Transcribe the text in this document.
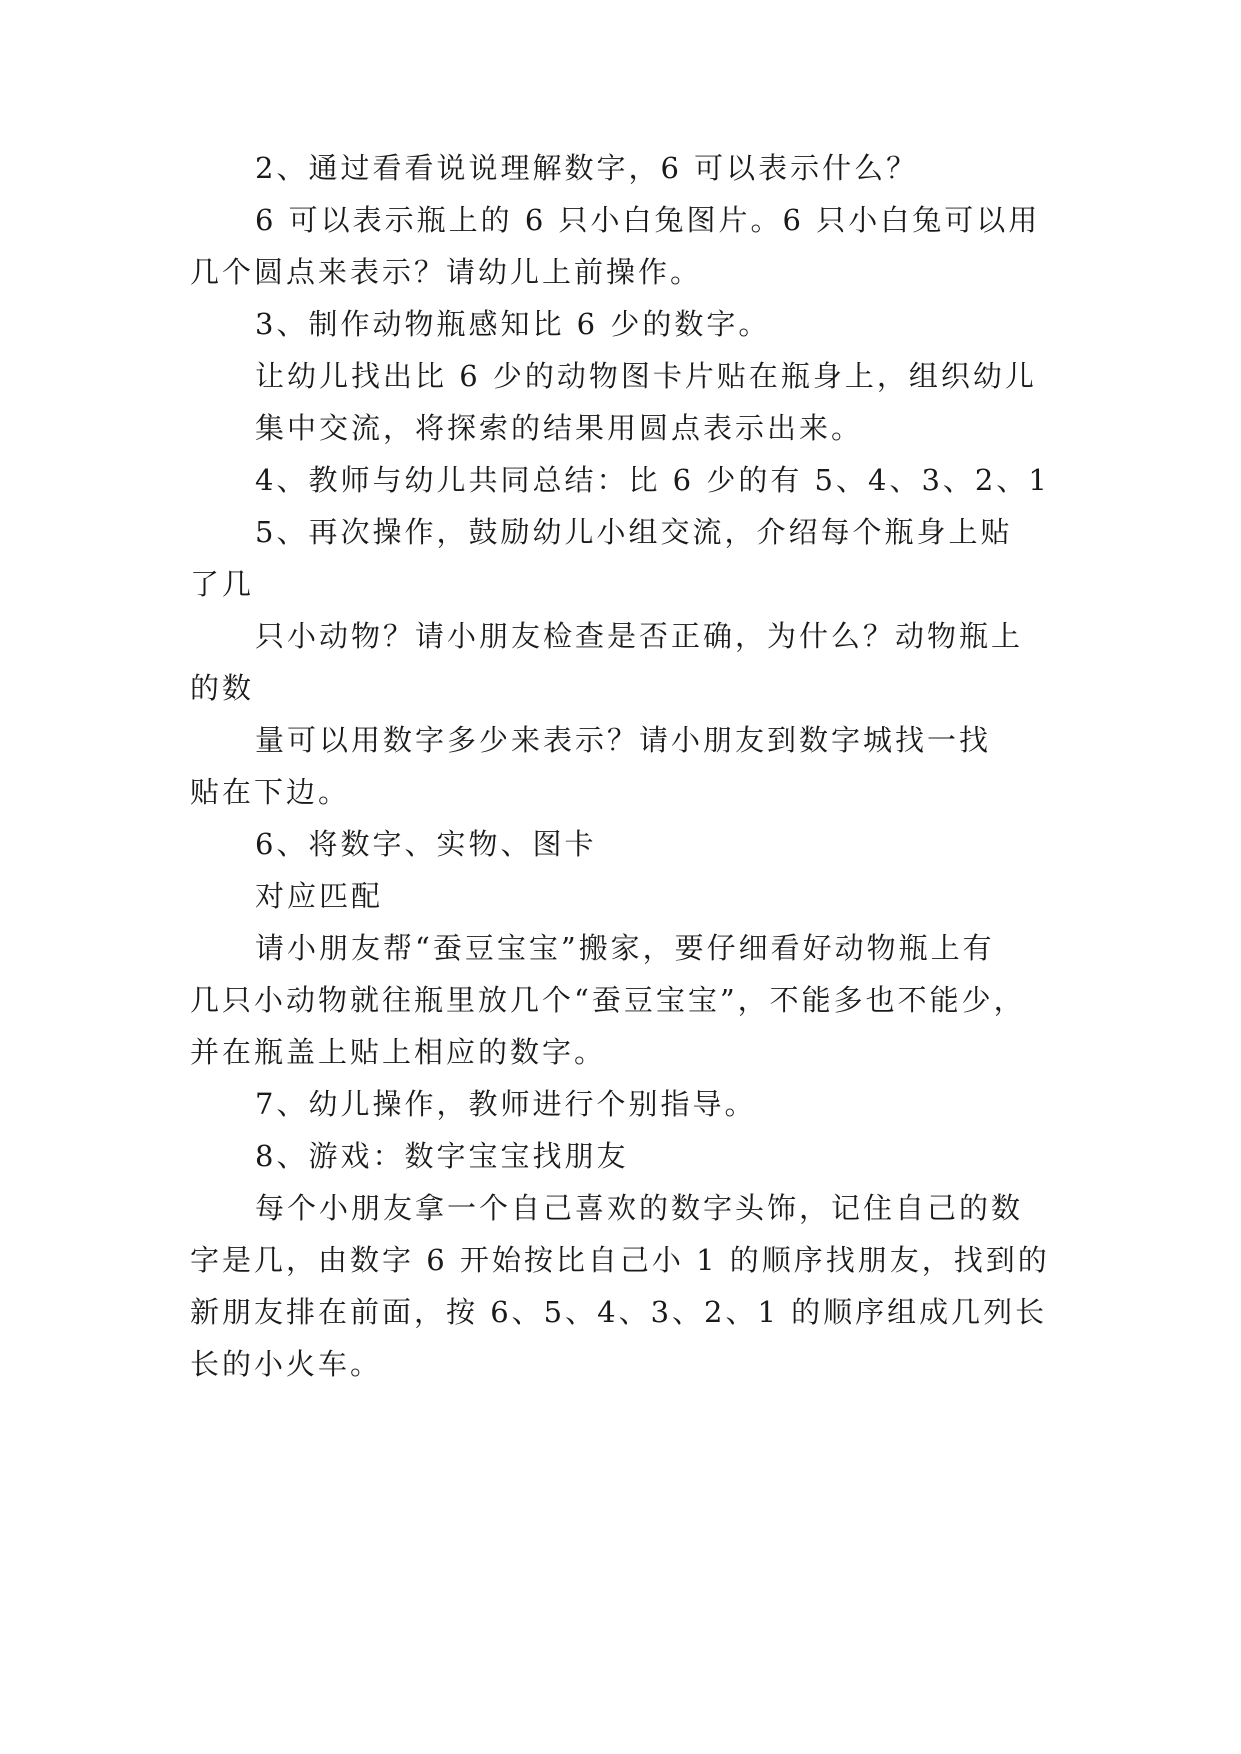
2、通过看看说说理解数字，6 可以表示什么？
6 可以表示瓶上的 6 只小白兔图片。6 只小白兔可以用
几个圆点来表示？请幼儿上前操作。
3、制作动物瓶感知比 6 少的数字。
让幼儿找出比 6 少的动物图卡片贴在瓶身上，组织幼儿
集中交流，将探索的结果用圆点表示出来。
4、教师与幼儿共同总结：比 6 少的有 5、4、3、2、1
5、再次操作，鼓励幼儿小组交流，介绍每个瓶身上贴
了几
只小动物？请小朋友检查是否正确，为什么？动物瓶上
的数
量可以用数字多少来表示？请小朋友到数字城找一找
贴在下边。
6、将数字、实物、图卡
对应匹配
请小朋友帮“蚕豆宝宝”搬家，要仔细看好动物瓶上有
几只小动物就往瓶里放几个“蚕豆宝宝”，不能多也不能少，
并在瓶盖上贴上相应的数字。
7、幼儿操作，教师进行个别指导。
8、游戏：数字宝宝找朋友
每个小朋友拿一个自己喜欢的数字头饰，记住自己的数
字是几，由数字 6 开始按比自己小 1 的顺序找朋友，找到的
新朋友排在前面，按 6、5、4、3、2、1 的顺序组成几列长
长的小火车。
